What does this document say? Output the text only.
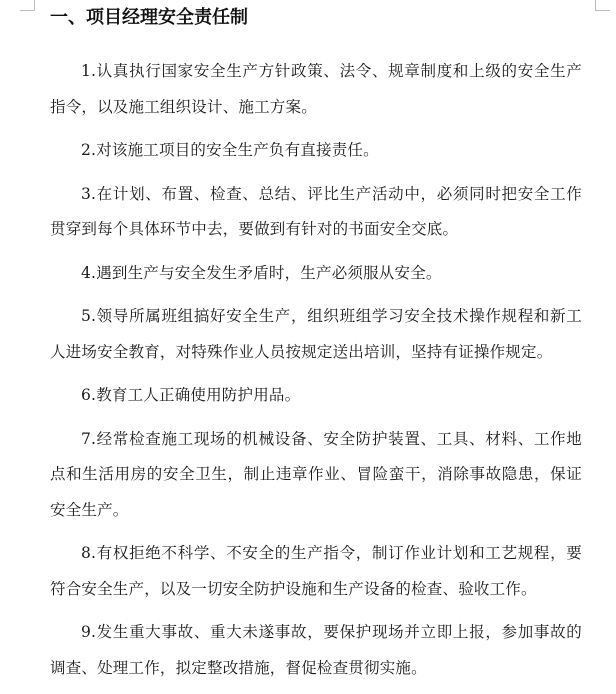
一、项目经理安全责任制

1.认真执行国家安全生产方针政策、法令、规章制度和上级的安全生产指令，以及施工组织设计、施工方案。

2.对该施工项目的安全生产负有直接责任。

3.在计划、布置、检查、总结、评比生产活动中，必须同时把安全工作贯穿到每个具体环节中去，要做到有针对的书面安全交底。

4.遇到生产与安全发生矛盾时，生产必须服从安全。

5.领导所属班组搞好安全生产，组织班组学习安全技术操作规程和新工人进场安全教育，对特殊作业人员按规定送出培训，坚持有证操作规定。

6.教育工人正确使用防护用品。

7.经常检查施工现场的机械设备、安全防护装置、工具、材料、工作地点和生活用房的安全卫生，制止违章作业、冒险蛮干，消除事故隐患，保证安全生产。

8.有权拒绝不科学、不安全的生产指令，制订作业计划和工艺规程，要符合安全生产，以及一切安全防护设施和生产设备的检查、验收工作。

9.发生重大事故、重大未遂事故，要保护现场并立即上报，参加事故的调查、处理工作，拟定整改措施，督促检查贯彻实施。
